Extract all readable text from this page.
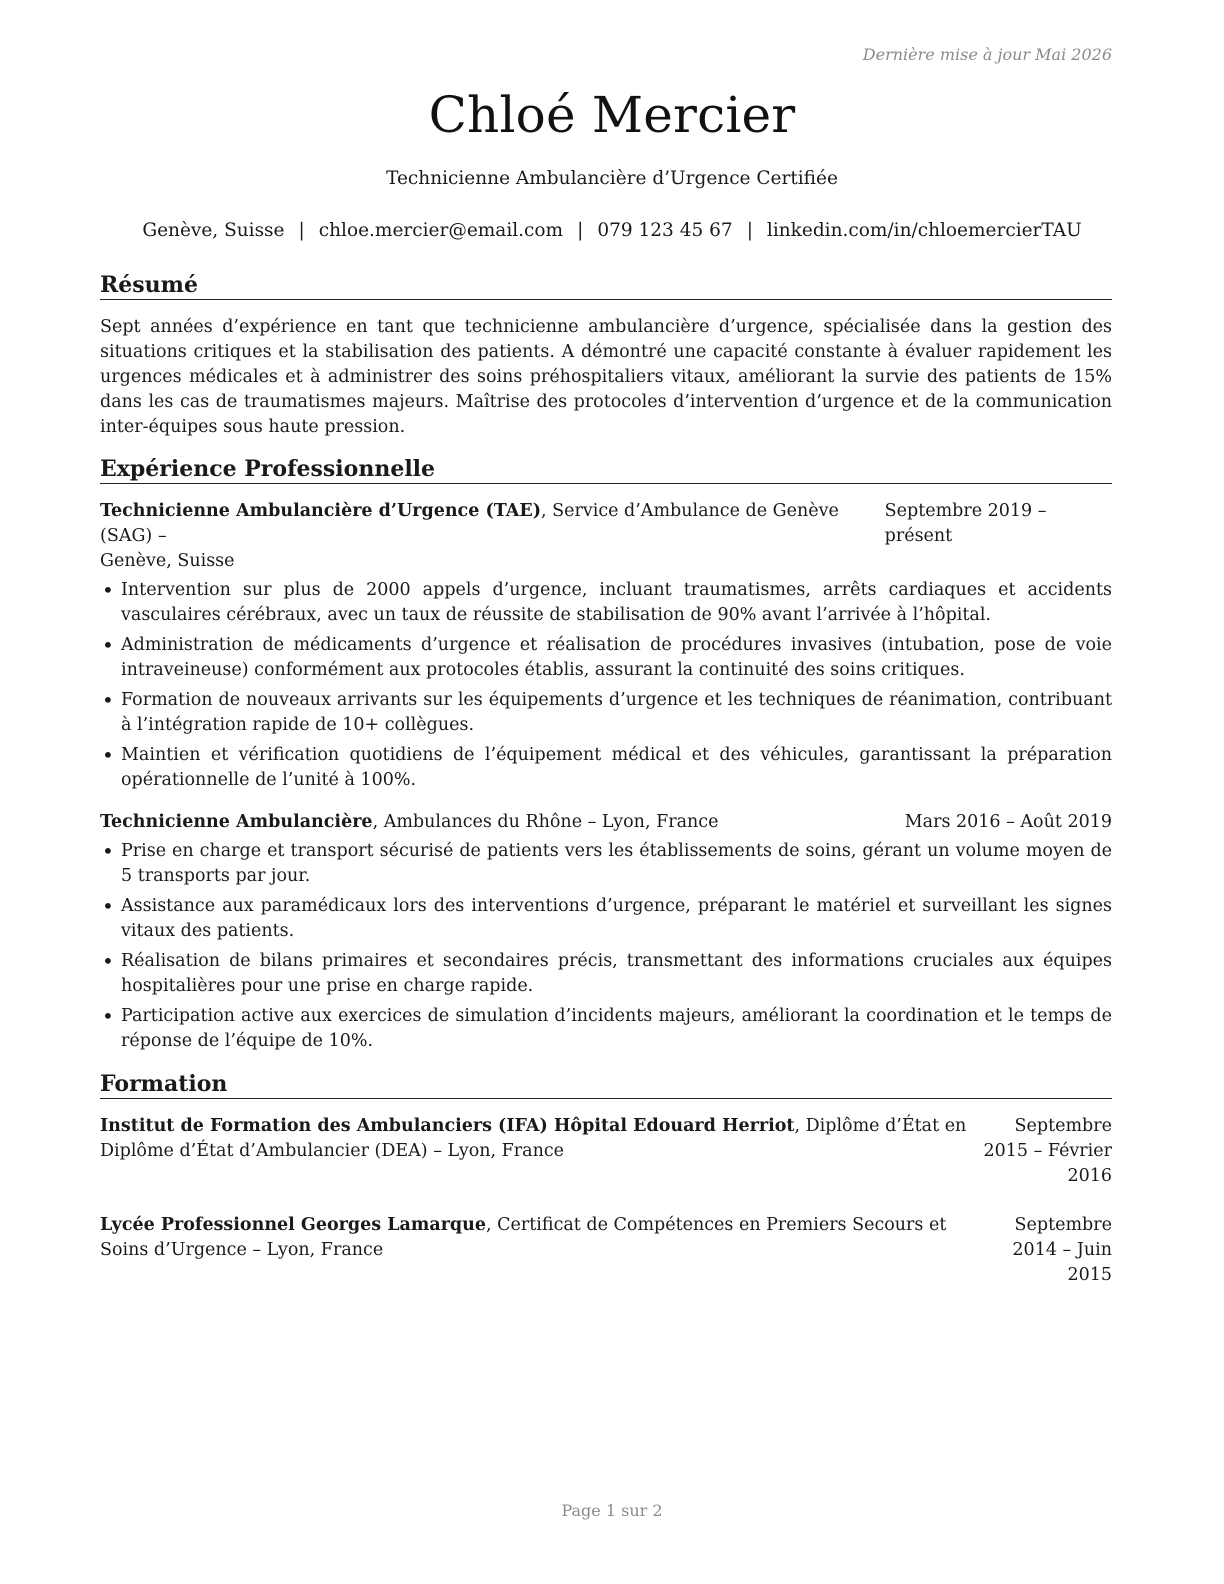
Dernière mise à jour Mai 2026
Chloé Mercier
Technicienne Ambulancière d’Urgence Certifiée
Genève, Suisse | chloe.mercier@email.com | 079 123 45 67 | linkedin.com/in/chloemercierTAU
Résumé

Sept années d’expérience en tant que technicienne ambulancière d’urgence, spécialisée dans la gestion des situations critiques et la stabilisation des patients. A démontré une capacité constante à évaluer rapidement les urgences médicales et à administrer des soins préhospitaliers vitaux, améliorant la survie des patients de 15% dans les cas de traumatismes majeurs. Maîtrise des protocoles d’intervention d’urgence et de la communication inter-équipes sous haute pression.

Expérience Professionnelle
Technicienne Ambulancière d’Urgence (TAE), Service d’Ambulance de Genève (SAG) –
Septembre 2019 – présent
Genève, Suisse
• Intervention sur plus de 2000 appels d’urgence, incluant traumatismes, arrêts cardiaques et accidents vasculaires cérébraux, avec un taux de réussite de stabilisation de 90% avant l’arrivée à l’hôpital.
• Administration de médicaments d’urgence et réalisation de procédures invasives (intubation, pose de voie intraveineuse) conformément aux protocoles établis, assurant la continuité des soins critiques.
• Formation de nouveaux arrivants sur les équipements d’urgence et les techniques de réanimation, contribuant à l’intégration rapide de 10+ collègues.
• Maintien et vérification quotidiens de l’équipement médical et des véhicules, garantissant la préparation opérationnelle de l’unité à 100%.
Technicienne Ambulancière, Ambulances du Rhône – Lyon, France	Mars 2016 – Août 2019
• Prise en charge et transport sécurisé de patients vers les établissements de soins, gérant un volume moyen de 5 transports par jour.
• Assistance aux paramédicaux lors des interventions d’urgence, préparant le matériel et surveillant les signes vitaux des patients.
• Réalisation de bilans primaires et secondaires précis, transmettant des informations cruciales aux équipes hospitalières pour une prise en charge rapide.
• Participation active aux exercices de simulation d’incidents majeurs, améliorant la coordination et le temps de réponse de l’équipe de 10%.
Formation
Institut de Formation des Ambulanciers (IFA) Hôpital Edouard Herriot, Diplôme d’État en Diplôme d’État d’Ambulancier (DEA) – Lyon, France
Septembre 2015 – Février 2016
Lycée Professionnel Georges Lamarque, Certificat de Compétences en Premiers Secours et Soins d’Urgence – Lyon, France
Septembre 2014 – Juin 2015
Page 1 sur 2
